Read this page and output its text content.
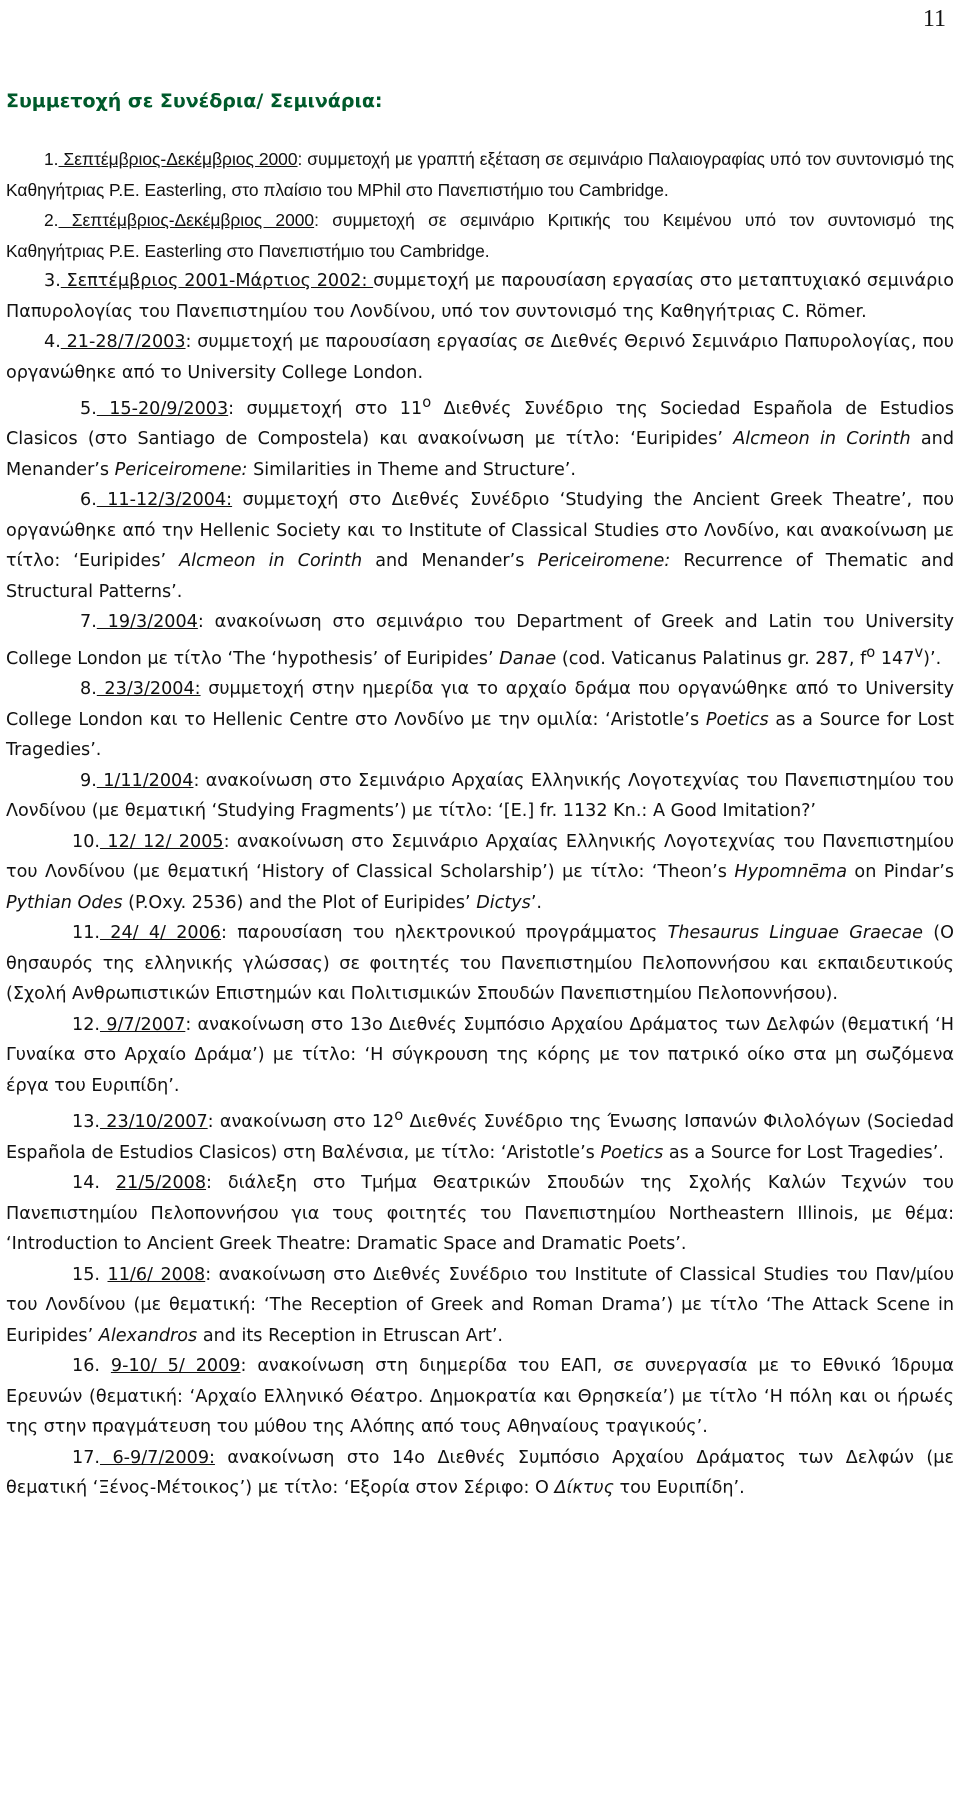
11
Συμμετοχή σε Συνέδρια/ Σεμινάρια:

1. Σεπτέμβριος-Δεκέμβριος 2000: συμμετοχή με γραπτή εξέταση σε σεμινάριο Παλαιογραφίας υπό τον συντονισμό της Καθηγήτριας P.E. Easterling, στο πλαίσιο του MPhil στο Πανεπιστήμιο του Cambridge.

2. Σεπτέμβριος-Δεκέμβριος 2000: συμμετοχή σε σεμινάριο Κριτικής του Κειμένου υπό τον συντονισμό της Καθηγήτριας P.E. Easterling στο Πανεπιστήμιο του Cambridge.

3. Σεπτέμβριος 2001-Μάρτιος 2002: συμμετοχή με παρουσίαση εργασίας στο μεταπτυχιακό σεμινάριο Παπυρολογίας του Πανεπιστημίου του Λονδίνου, υπό τον συντονισμό της Καθηγήτριας C. Römer.

4. 21-28/7/2003: συμμετοχή με παρουσίαση εργασίας σε Διεθνές Θερινό Σεμινάριο Παπυρολογίας, που οργανώθηκε από το University College London.

5. 15-20/9/2003: συμμετοχή στο $11^o$ Διεθνές Συνέδριο της Sociedad Española de Estudios Clasicos (στο Santiago de Compostela) και ανακοίνωση με τίτλο: ‘Euripides’ Alcmeon in Corinth and Menander’s Periceiromene: Similarities in Theme and Structure’.

6. 11-12/3/2004: συμμετοχή στο Διεθνές Συνέδριο ‘Studying the Ancient Greek Theatre’, που οργανώθηκε από την Hellenic Society και το Institute of Classical Studies στο Λονδίνο, και ανακοίνωση με τίτλο: ‘Euripides’ Alcmeon in Corinth and Menander’s Periceiromene: Recurrence of Thematic and Structural Patterns’.

7. 19/3/2004: ανακοίνωση στο σεμινάριο του Department of Greek and Latin του University College London με τίτλο ‘The ‘hypothesis’ of Euripides’ Danae (cod. Vaticanus Palatinus gr. 287, $f^o$ 147$^v$)’.

8. 23/3/2004: συμμετοχή στην ημερίδα για το αρχαίο δράμα που οργανώθηκε από το University College London και το Hellenic Centre στο Λονδίνο με την ομιλία: ‘Aristotle’s Poetics as a Source for Lost Tragedies’.

9. 1/11/2004: ανακοίνωση στο Σεμινάριο Αρχαίας Ελληνικής Λογοτεχνίας του Πανεπιστημίου του Λονδίνου (με θεματική ‘Studying Fragments’) με τίτλο: ‘[E.] fr. 1132 Kn.: A Good Imitation?’

10. 12/ 12/ 2005: ανακοίνωση στο Σεμινάριο Αρχαίας Ελληνικής Λογοτεχνίας του Πανεπιστημίου του Λονδίνου (με θεματική ‘History of Classical Scholarship’) με τίτλο: ‘Theon’s Hypomnēma on Pindar’s Pythian Odes (P.Oxy. 2536) and the Plot of Euripides’ Dictys’.

11. 24/ 4/ 2006: παρουσίαση του ηλεκτρονικού προγράμματος Thesaurus Linguae Graecae (Ο θησαυρός της ελληνικής γλώσσας) σε φοιτητές του Πανεπιστημίου Πελοποννήσου και εκπαιδευτικούς (Σχολή Ανθρωπιστικών Επιστημών και Πολιτισμικών Σπουδών Πανεπιστημίου Πελοποννήσου).

12. 9/7/2007: ανακοίνωση στο 13ο Διεθνές Συμπόσιο Αρχαίου Δράματος των Δελφών (θεματική ‘Η Γυναίκα στο Αρχαίο Δράμα’) με τίτλο: ‘Η σύγκρουση της κόρης με τον πατρικό οίκο στα μη σωζόμενα έργα του Ευριπίδη’.

13. 23/10/2007: ανακοίνωση στο $12^o$ Διεθνές Συνέδριο της Ένωσης Ισπανών Φιλολόγων (Sociedad Española de Estudios Clasicos) στη Βαλένσια, με τίτλο: ‘Aristotle’s Poetics as a Source for Lost Tragedies’.

14. 21/5/2008: διάλεξη στο Τμήμα Θεατρικών Σπουδών της Σχολής Καλών Τεχνών του Πανεπιστημίου Πελοποννήσου για τους φοιτητές του Πανεπιστημίου Northeastern Illinois, με θέμα: ‘Introduction to Ancient Greek Theatre: Dramatic Space and Dramatic Poets’.

15. 11/6/ 2008: ανακοίνωση στο Διεθνές Συνέδριο του Institute of Classical Studies του Παν/μίου του Λονδίνου (με θεματική: ‘The Reception of Greek and Roman Drama’) με τίτλο ‘The Attack Scene in Euripides’ Alexandros and its Reception in Etruscan Art’.

16. 9-10/ 5/ 2009: ανακοίνωση στη διημερίδα του ΕΑΠ, σε συνεργασία με το Εθνικό Ίδρυμα Ερευνών (θεματική: ‘Αρχαίο Ελληνικό Θέατρο. Δημοκρατία και Θρησκεία’) με τίτλο ‘Η πόλη και οι ήρωές της στην πραγμάτευση του μύθου της Αλόπης από τους Αθηναίους τραγικούς’.

17. 6-9/7/2009: ανακοίνωση στο 14ο Διεθνές Συμπόσιο Αρχαίου Δράματος των Δελφών (με θεματική ‘Ξένος-Μέτοικος’) με τίτλο: ‘Εξορία στον Σέριφο: Ο Δίκτυς του Ευριπίδη’.
